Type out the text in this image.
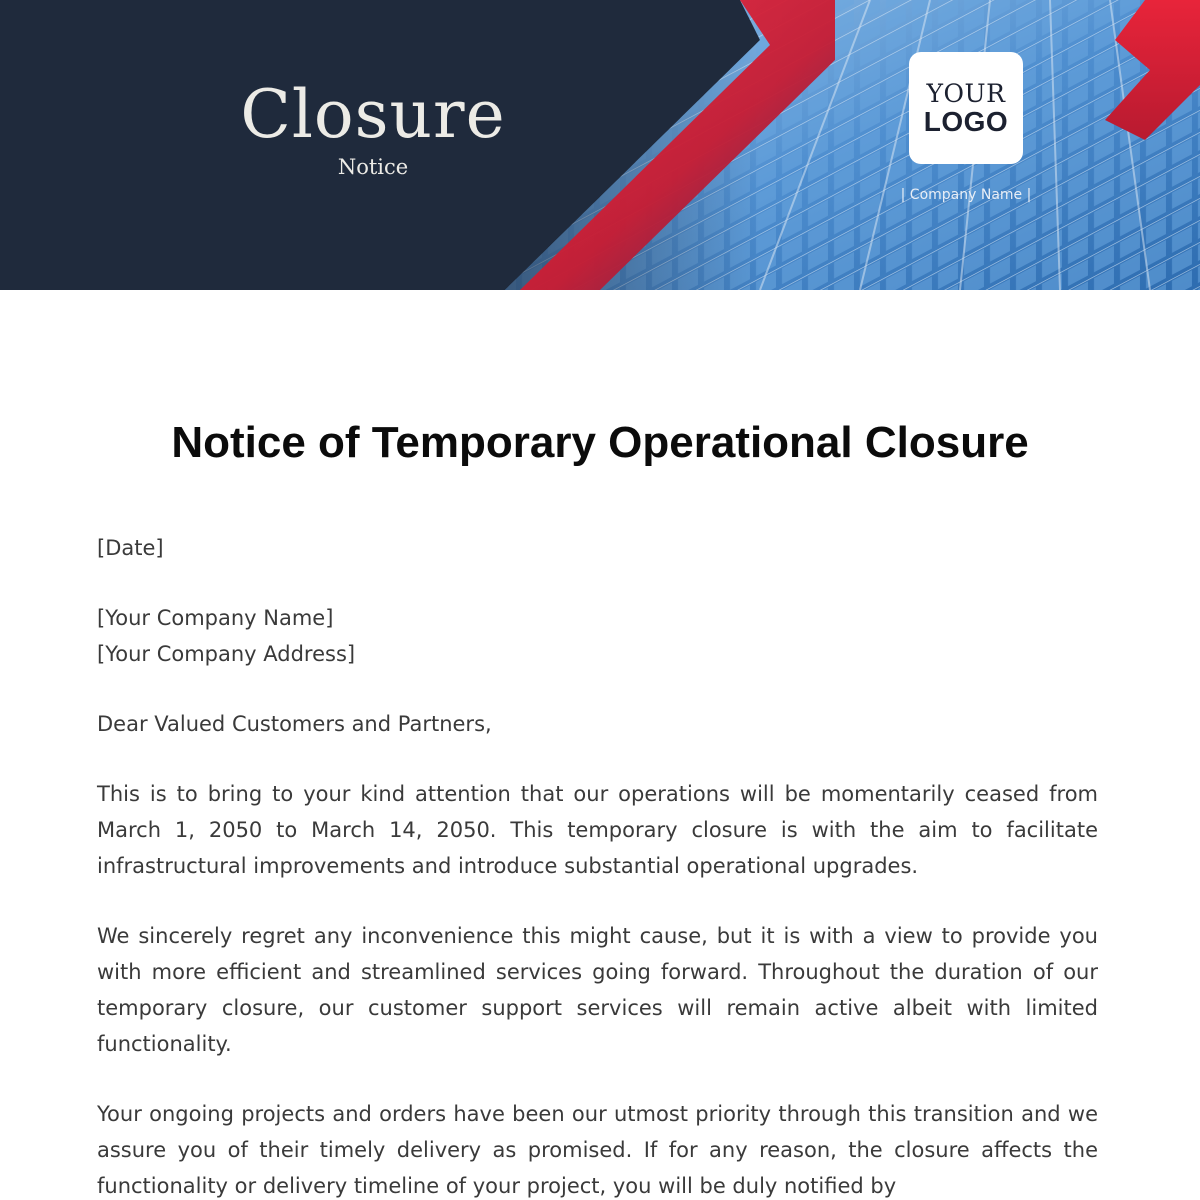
Closure
Notice
YOUR
LOGO
| Company Name |
Notice of Temporary Operational Closure

[Date]

[Your Company Name]

[Your Company Address]

Dear Valued Customers and Partners,

This is to bring to your kind attention that our operations will be momentarily ceased from March 1, 2050 to March 14, 2050. This temporary closure is with the aim to facilitate infrastructural improvements and introduce substantial operational upgrades.

We sincerely regret any inconvenience this might cause, but it is with a view to provide you with more efficient and streamlined services going forward. Throughout the duration of our temporary closure, our customer support services will remain active albeit with limited functionality.

Your ongoing projects and orders have been our utmost priority through this transition and we assure you of their timely delivery as promised. If for any reason, the closure affects the functionality or delivery timeline of your project, you will be duly notified by
